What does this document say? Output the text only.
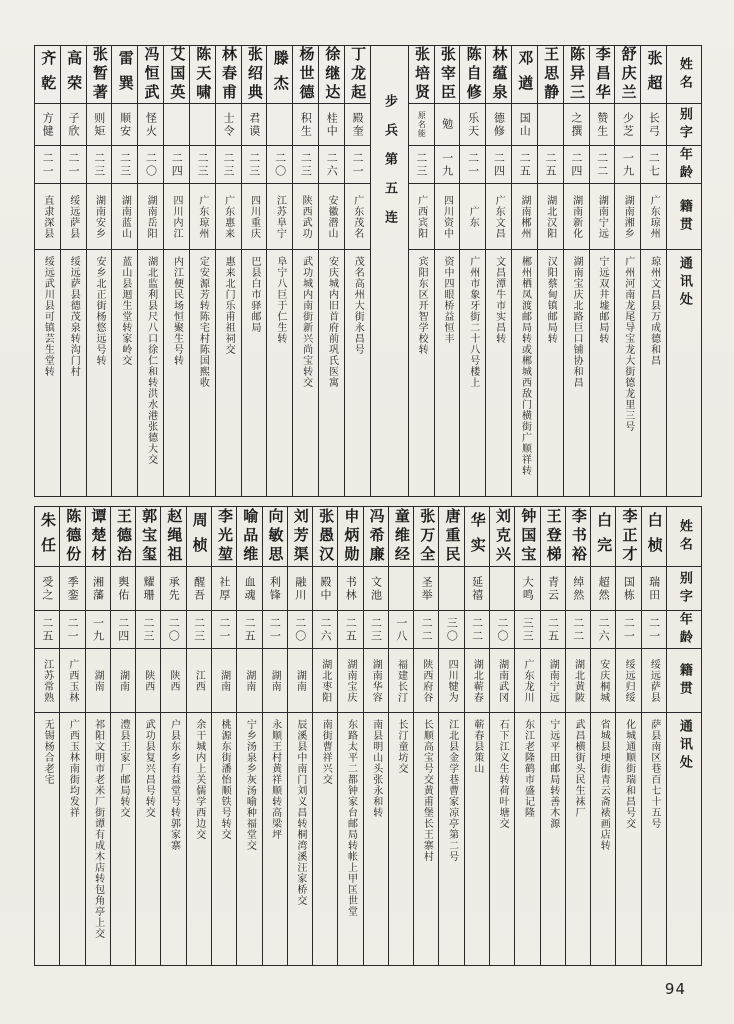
姓名
别字
年龄
籍贯
通讯处
张超
长弓
二七
广东琼州
琼州文昌县万成德和昌
舒庆兰
少芝
一九
湖南湘乡
广州河南龙尾导宝龙大街德龙里三号
李昌华
赞生
二二
湖南宁远
宁远双井墟邮局转
陈异三
之撰
二四
湖南新化
湖南宝庆北路巨口铺协和昌
王思静
二五
湖北汉阳
汉阳蔡甸镇邮局转
邓遒
国山
二五
湖南郴州
郴州栖凤渡邮局转或郴城西敌门横街广顺祥转
林蕴泉
德修
二四
广东文昌
文昌潭牛市实昌转
陈自修
乐天
二一
广东
广州市象牙街二十八号楼上
张宰臣
勉
一九
四川资中
资中四眼桥益恒丰
张培贤
原名能
二三
广西宾阳
宾阳东区开智学校转
步兵第五连
丁龙起
殿奎
二一
广东茂名
茂名高州大街永昌号
徐继达
桂中
二六
安徽潜山
安庆城内旧首府前巩氏医寓
杨世德
积生
二三
陕西武功
武功城内南街新兴尚宝转交
滕杰
二〇
江苏阜宁
阜宁八巨于仁生转
张绍典
君谟
二三
四川重庆
巴县白市驿邮局
林春甫
士令
二三
广东惠来
惠来北门乐甫祖祠交
陈天啸
二三
广东琼州
定安源芳转陈宅村陈国熙收
艾国英
二四
四川内江
内江便民场恒聚生号转
冯恒武
怪火
二〇
湖南岳阳
湖北监利县尺八口徐仁和转洪水港张德大交
雷巽
顺安
二三
湖南蓝山
蓝山县迴生堂转家岭交
张暂著
则矩
二三
湖南安乡
安乡北正街杨悠远号转
高荣
子欣
二一
绥远萨县
绥远萨县德茂泉转沟门村
齐乾
方健
二一
直隶深县
绥远武川县可镇芸生堂转
姓名
别字
年龄
籍贯
通讯处
白桢
瑞田
二一
绥远萨县
萨县南区巷百七十五号
李正才
国栋
二一
绥远归绥
化城通顺街瑞和昌号交
白完
超然
二六
安庆桐城
省城县埂街青云斋裱画店转
李书裕
绰然
二二
湖北黄陂
武昌横街头民生袜厂
王登梯
青云
二五
湖南宁远
宁远平田邮局转善木源
钟国宝
大鸣
三三
广东龙川
东江老隆鹤市盛记隆
刘克兴
二〇
湖南武冈
石下江义生转荷叶塘交
华实
延禧
二二
湖北蕲春
蕲春县策山
唐重民
三〇
四川犍为
江北县金学巷曹家凉亭第二号
张万全
圣举
二二
陕西府谷
长顺高宝号交黄甫堡长王寨村
童维经
一八
福建长汀
长汀童坊交
冯希廉
文池
二三
湖南华容
南县明山头张永和转
申炳勋
书林
二五
湖南宝庆
东路太平二都钟家台邮局转帐上甲匡世堂
张愚汉
殿中
二六
湖北枣阳
南街曹祥兴交
刘芳渠
融川
二〇
湖南
辰溪县中南门刘义昌转桐湾溪汪家桥交
向敏思
利锋
二一
湖南
永顺王村黄祥顺转高梁坪
喻品维
血魂
二五
湖南
宁乡汤泉乡灰汤喻种福堂交
李光堃
社厚
二一
湖南
桃源东街潘怡顺铁号转交
周桢
醒吾
二三
江西
余干城内上关儒学西边交
赵绳祖
承先
二〇
陕西
户县东乡有益堂号转郭家寨
郭宝玺
耀珊
二三
陕西
武功县复兴昌号转交
王德治
舆佑
二四
湖南
澧县王家厂邮局转交
谭楚材
湘藩
一九
湖南
祁阳文明市老米厂街谭有成木店转包角亭上交
陈德份
季銮
二一
广西玉林
广西玉林南街均发祥
朱任
受之
二五
江苏常熟
无锡杨合老宅
94
